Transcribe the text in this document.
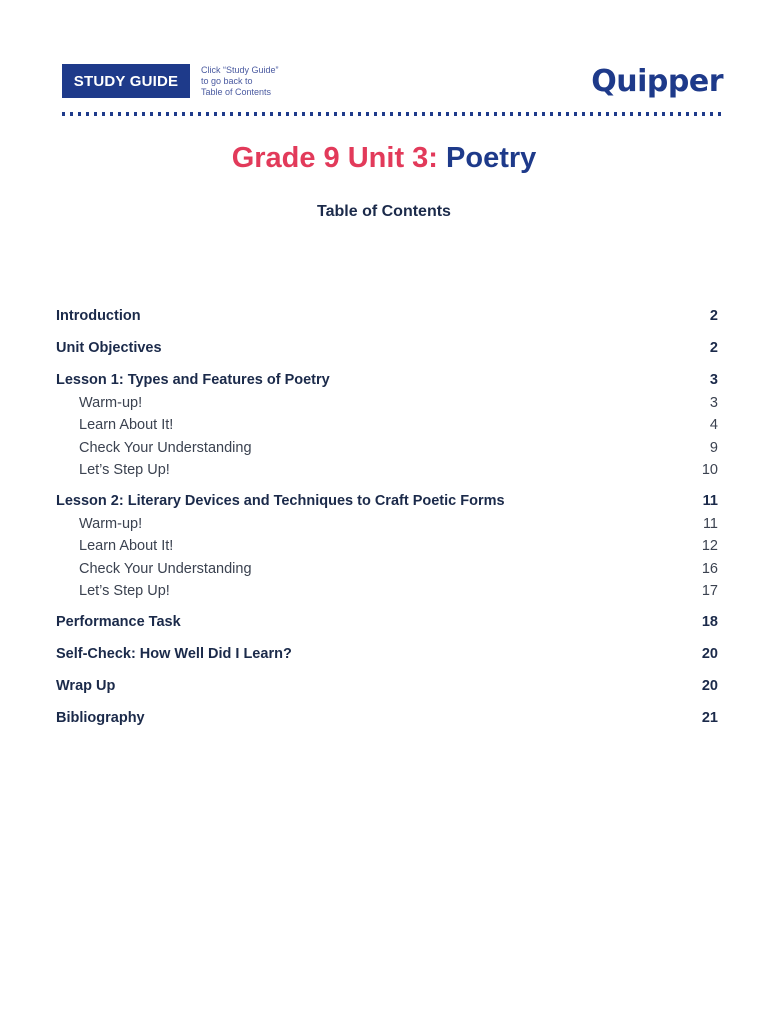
STUDY GUIDE
Click “Study Guide”
to go back to
Table of Contents	Quipper
Grade 9 Unit 3: Poetry
Table of Contents
Introduction	2
Unit Objectives	2
Lesson 1: Types and Features of Poetry	3
Warm-up!	3
Learn About It!	4
Check Your Understanding	9
Let’s Step Up!	10
Lesson 2: Literary Devices and Techniques to Craft Poetic Forms	11
Warm-up!	11
Learn About It!	12
Check Your Understanding	16
Let’s Step Up!	17
Performance Task	18
Self-Check: How Well Did I Learn?	20
Wrap Up	20
Bibliography	21
